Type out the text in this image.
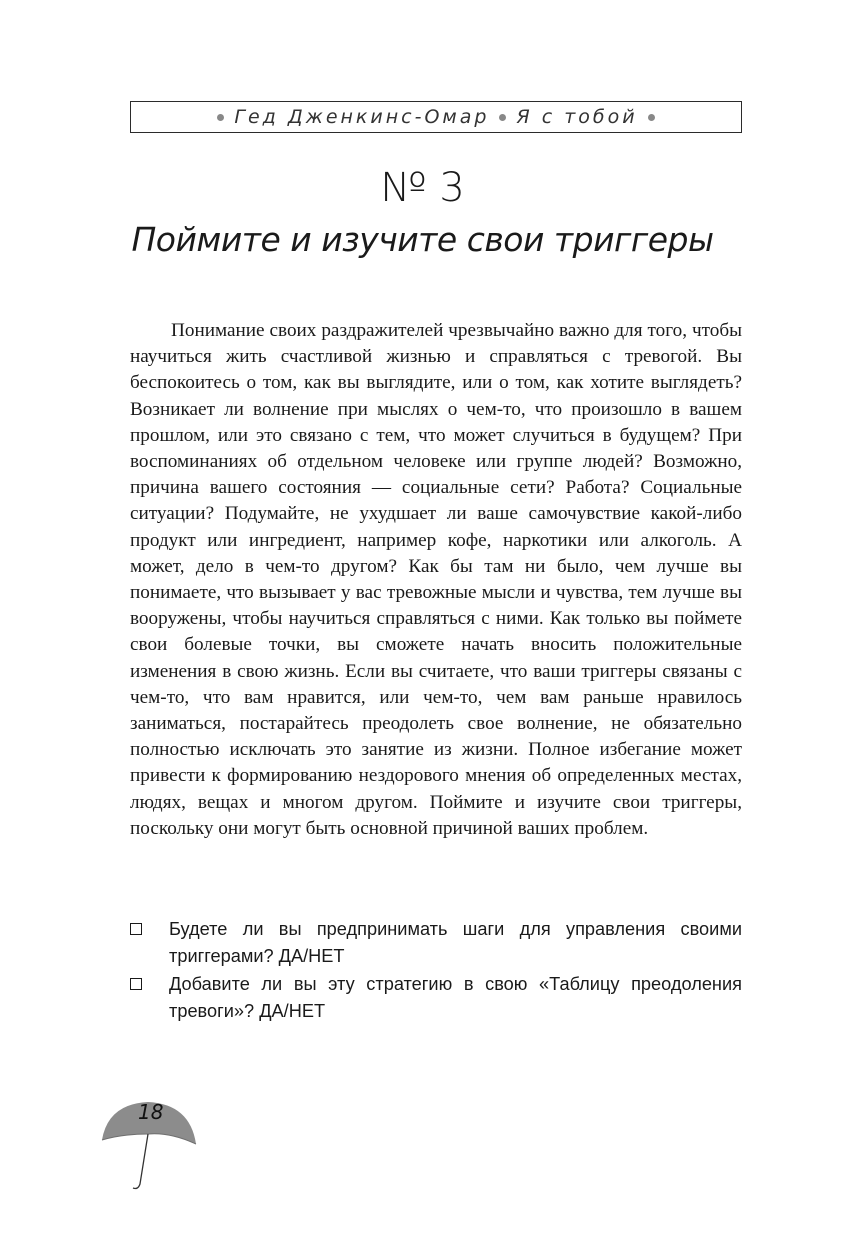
Гед Дженкинс-Омар Я с тобой
№ 3
Поймите и изучите свои триггеры

Понимание своих раздражителей чрезвычайно важно для того, чтобы научиться жить счастливой жизнью и справляться с тревогой. Вы беспокоитесь о том, как вы выглядите, или о том, как хотите выглядеть? Возникает ли волнение при мыслях о чем-то, что произошло в вашем прошлом, или это связано с тем, что может случиться в будущем? При воспоминаниях об отдельном человеке или группе людей? Возможно, причина вашего состояния — социальные сети? Работа? Социальные ситуации? Подумайте, не ухудшает ли ваше самочувствие какой-либо продукт или ингредиент, например кофе, наркотики или алкоголь. А может, дело в чем-то другом? Как бы там ни было, чем лучше вы понимаете, что вызывает у вас тревожные мысли и чувства, тем лучше вы вооружены, чтобы научиться справляться с ними. Как только вы поймете свои болевые точки, вы сможете начать вносить положительные изменения в свою жизнь. Если вы считаете, что ваши триггеры связаны с чем-то, что вам нравится, или чем-то, чем вам раньше нравилось заниматься, постарайтесь преодолеть свое волнение, не обязательно полностью исключать это занятие из жизни. Полное избегание может привести к формированию нездорового мнения об определенных местах, людях, вещах и многом другом. Поймите и изучите свои триггеры, поскольку они могут быть основной причиной ваших проблем.

Будете ли вы предпринимать шаги для управления своими триггерами? ДА/НЕТ
Добавите ли вы эту стратегию в свою «Таблицу преодоления тревоги»? ДА/НЕТ
18
